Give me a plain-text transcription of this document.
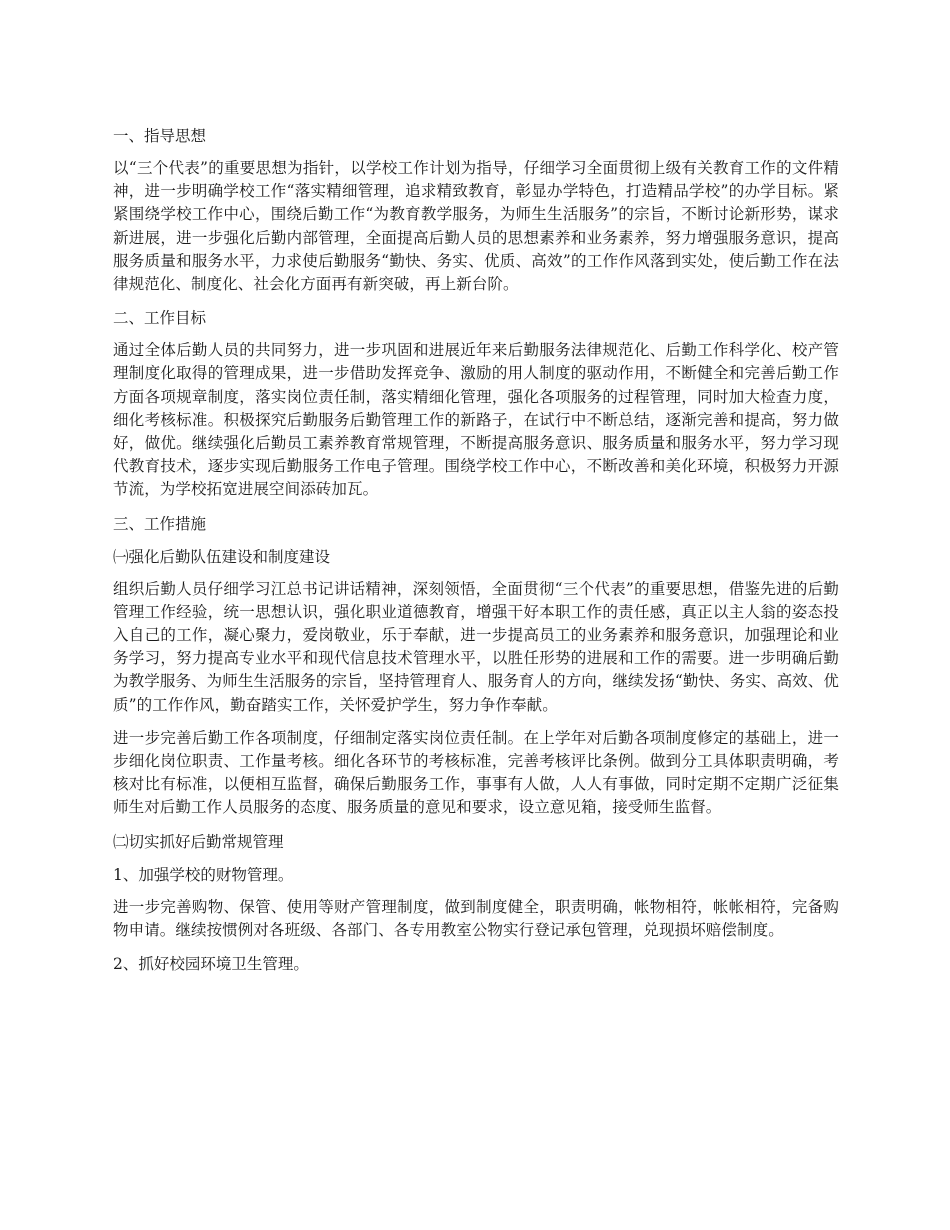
一、指导思想
以“三个代表”的重要思想为指针，以学校工作计划为指导，仔细学习全面贯彻上级有关教育工作的文件精神，进一步明确学校工作“落实精细管理，追求精致教育，彰显办学特色，打造精品学校”的办学目标。紧紧围绕学校工作中心，围绕后勤工作“为教育教学服务，为师生生活服务”的宗旨，不断讨论新形势，谋求新进展，进一步强化后勤内部管理，全面提高后勤人员的思想素养和业务素养，努力增强服务意识，提高服务质量和服务水平，力求使后勤服务“勤快、务实、优质、高效”的工作作风落到实处，使后勤工作在法律规范化、制度化、社会化方面再有新突破，再上新台阶。
二、工作目标
通过全体后勤人员的共同努力，进一步巩固和进展近年来后勤服务法律规范化、后勤工作科学化、校产管理制度化取得的管理成果，进一步借助发挥竞争、激励的用人制度的驱动作用，不断健全和完善后勤工作方面各项规章制度，落实岗位责任制，落实精细化管理，强化各项服务的过程管理，同时加大检查力度，细化考核标准。积极探究后勤服务后勤管理工作的新路子，在试行中不断总结，逐渐完善和提高，努力做好，做优。继续强化后勤员工素养教育常规管理，不断提高服务意识、服务质量和服务水平，努力学习现代教育技术，逐步实现后勤服务工作电子管理。围绕学校工作中心，不断改善和美化环境，积极努力开源节流，为学校拓宽进展空间添砖加瓦。
三、工作措施
㈠强化后勤队伍建设和制度建设
组织后勤人员仔细学习江总书记讲话精神，深刻领悟，全面贯彻“三个代表”的重要思想，借鉴先进的后勤管理工作经验，统一思想认识，强化职业道德教育，增强干好本职工作的责任感，真正以主人翁的姿态投入自己的工作，凝心聚力，爱岗敬业，乐于奉献，进一步提高员工的业务素养和服务意识，加强理论和业务学习，努力提高专业水平和现代信息技术管理水平，以胜任形势的进展和工作的需要。进一步明确后勤为教学服务、为师生生活服务的宗旨，坚持管理育人、服务育人的方向，继续发扬“勤快、务实、高效、优质”的工作作风，勤奋踏实工作，关怀爱护学生，努力争作奉献。
进一步完善后勤工作各项制度，仔细制定落实岗位责任制。在上学年对后勤各项制度修定的基础上，进一步细化岗位职责、工作量考核。细化各环节的考核标准，完善考核评比条例。做到分工具体职责明确，考核对比有标准，以便相互监督，确保后勤服务工作，事事有人做，人人有事做，同时定期不定期广泛征集师生对后勤工作人员服务的态度、服务质量的意见和要求，设立意见箱，接受师生监督。
㈡切实抓好后勤常规管理
1、加强学校的财物管理。
进一步完善购物、保管、使用等财产管理制度，做到制度健全，职责明确，帐物相符，帐帐相符，完备购物申请。继续按惯例对各班级、各部门、各专用教室公物实行登记承包管理，兑现损坏赔偿制度。
2、抓好校园环境卫生管理。
